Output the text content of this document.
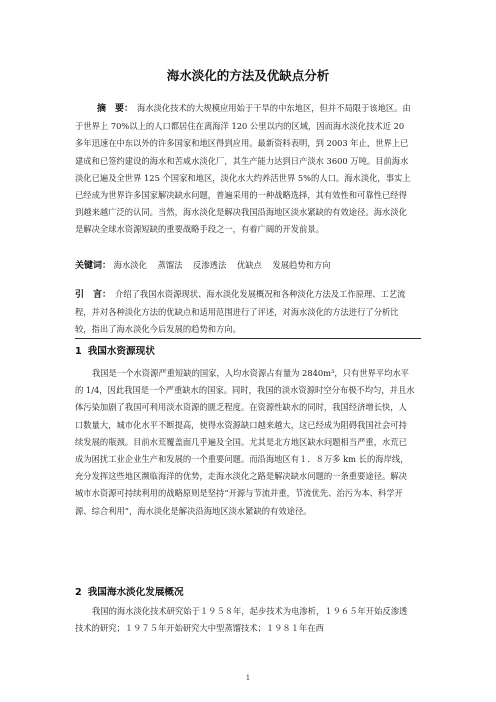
海水淡化的方法及优缺点分析
摘　要： 海水淡化技术的大规模应用始于干旱的中东地区，但并不局限于该地区。由于世界上 70%以上的人口都居住在离海洋 120 公里以内的区域，因而海水淡化技术近 20 多年迅速在中东以外的许多国家和地区得到应用。最新资料表明，到 2003 年止，世界上已建成和已签约建设的海水和苦咸水淡化厂，其生产能力达到日产淡水 3600 万吨。目前海水淡化已遍及全世界 125 个国家和地区，淡化水大约养活世界 5%的人口。海水淡化，事实上已经成为世界许多国家解决缺水问题，普遍采用的一种战略选择，其有效性和可靠性已经得到越来越广泛的认同。当然，海水淡化是解决我国沿海地区淡水紧缺的有效途径。海水淡化是解决全球水资源短缺的重要战略手段之一，有着广阔的开发前景。
关键词： 海水淡化 蒸馏法 反渗透法 优缺点 发展趋势和方向
引　言： 介绍了我国水资源现状、海水淡化发展概况和各种淡化方法及工作原理、工艺流程，并对各种淡化方法的优缺点和适用范围进行了评述，对海水淡化的方法进行了分析比较，指出了海水淡化今后发展的趋势和方向。
1 我国水资源现状
我国是一个水资源严重短缺的国家，人均水资源占有量为 2840m³，只有世界平均水平的 1/4，因此我国是一个严重缺水的国家。同时，我国的淡水资源时空分布极不均匀，并且水体污染加剧了我国可利用淡水资源的匮乏程度。在资源性缺水的同时，我国经济增长快，人口数量大，城市化水平不断提高，使得水资源缺口越来越大，这已经成为阻碍我国社会可持续发展的瓶颈。目前水荒覆盖面几乎遍及全国。尤其是北方地区缺水问题相当严重，水荒已成为困扰工业企业生产和发展的一个重要问题。而沿海地区有１．８万多 km 长的海岸线，充分发挥这些地区濒临海洋的优势，走海水淡化之路是解决缺水问题的一条重要途径。解决城市水资源可持续利用的战略原则是坚持“开源与节流并重，节流优先、治污为本、科学开源、综合利用”，海水淡化是解决沿海地区淡水紧缺的有效途径。
2 我国海水淡化发展概况
我国的海水淡化技术研究始于１９５８年，起步技术为电渗析，１９６５年开始反渗透技术的研究；１９７５年开始研究大中型蒸馏技术；１９８１年在西
1
